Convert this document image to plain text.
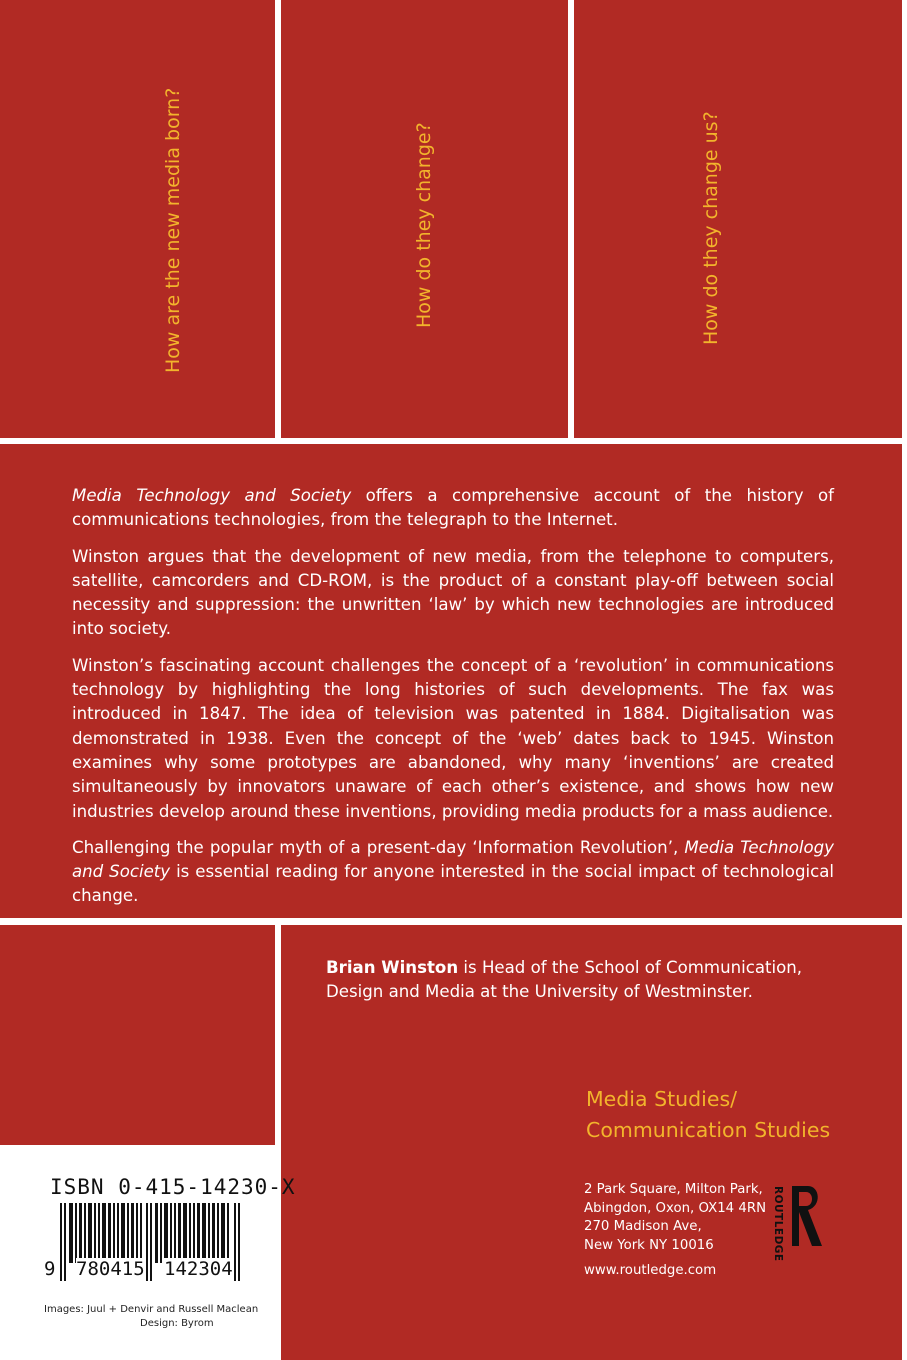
How are the new media born?	How do they change?	How do they change us?

Media Technology and Society offers a comprehensive account of the history of communications technologies, from the telegraph to the Internet.

Winston argues that the development of new media, from the telephone to computers, satellite, camcorders and CD-ROM, is the product of a constant play-off between social necessity and suppression: the unwritten ‘law’ by which new technologies are introduced into society.

Winston’s fascinating account challenges the concept of a ‘revolution’ in communications technology by highlighting the long histories of such developments. The fax was introduced in 1847. The idea of television was patented in 1884. Digitalisation was demonstrated in 1938. Even the concept of the ‘web’ dates back to 1945. Winston examines why some prototypes are abandoned, why many ‘inventions’ are created simultaneously by innovators unaware of each other’s existence, and shows how new industries develop around these inventions, providing media products for a mass audience.

Challenging the popular myth of a present-day ‘Information Revolution’, Media Technology and Society is essential reading for anyone interested in the social impact of technological change.

Brian Winston is Head of the School of Communication, Design and Media at the University of Westminster.
Media Studies/
Communication Studies
2 Park Square, Milton Park,
Abingdon, Oxon, OX14 4RN
270 Madison Ave,
New York NY 10016
www.routledge.com
ROUTLEDGE
ISBN 0-415-14230-X
9 780415 142304
Images: Juul + Denvir and Russell Maclean
Design: Byrom
